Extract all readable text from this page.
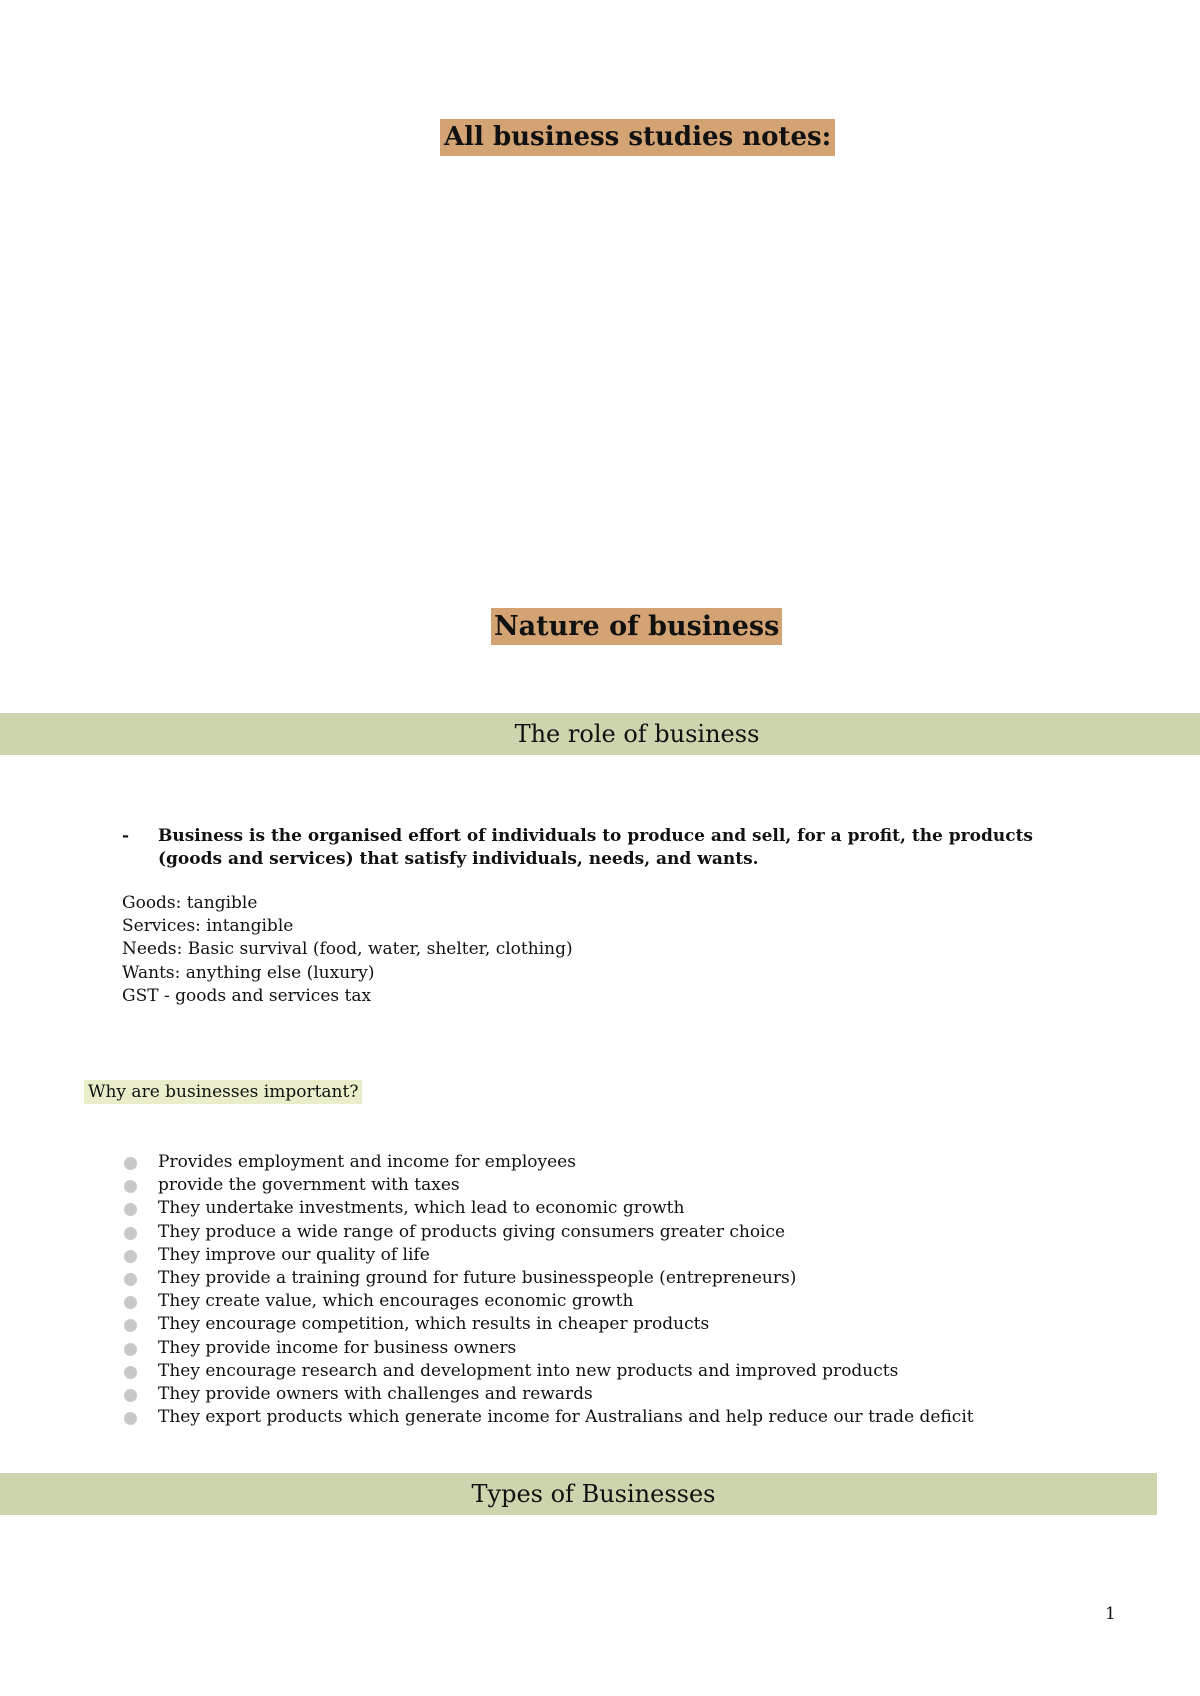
All business studies notes:
Nature of business
The role of business
- Business is the organised effort of individuals to produce and sell, for a profit, the products (goods and services) that satisfy individuals, needs, and wants.
Goods: tangible
Services: intangible
Needs: Basic survival (food, water, shelter, clothing)
Wants: anything else (luxury)
GST - goods and services tax
Why are businesses important?
Provides employment and income for employees
provide the government with taxes
They undertake investments, which lead to economic growth
They produce a wide range of products giving consumers greater choice
They improve our quality of life
They provide a training ground for future businesspeople (entrepreneurs)
They create value, which encourages economic growth
They encourage competition, which results in cheaper products
They provide income for business owners
They encourage research and development into new products and improved products
They provide owners with challenges and rewards
They export products which generate income for Australians and help reduce our trade deficit
Types of Businesses
1
